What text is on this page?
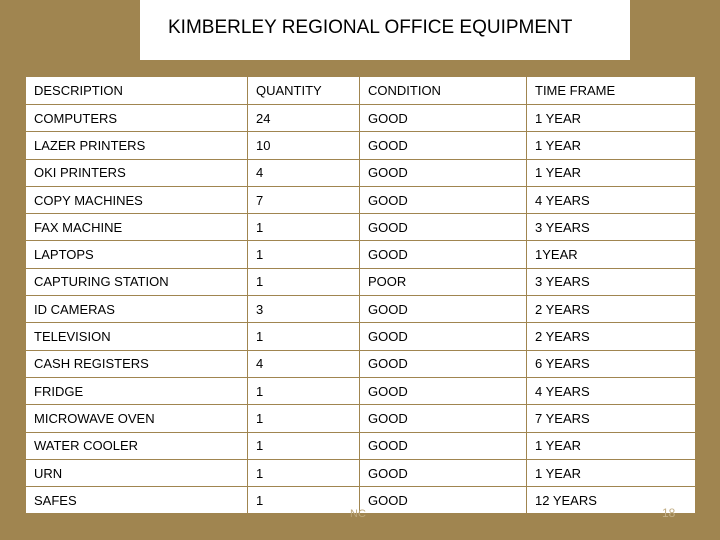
KIMBERLEY REGIONAL OFFICE EQUIPMENT
DESCRIPTION	QUANTITY	CONDITION	TIME FRAME
COMPUTERS	24	GOOD	1 YEAR
LAZER PRINTERS	10	GOOD	1 YEAR
OKI PRINTERS	4	GOOD	1 YEAR
COPY MACHINES	7	GOOD	4 YEARS
FAX MACHINE	1	GOOD	3 YEARS
LAPTOPS	1	GOOD	1YEAR
CAPTURING STATION	1	POOR	3 YEARS
ID CAMERAS	3	GOOD	2 YEARS
TELEVISION	1	GOOD	2 YEARS
CASH REGISTERS	4	GOOD	6 YEARS
FRIDGE	1	GOOD	4 YEARS
MICROWAVE OVEN	1	GOOD	7 YEARS
WATER COOLER	1	GOOD	1 YEAR
URN	1	GOOD	1 YEAR
SAFES	1	GOOD	12 YEARS
NC	18
